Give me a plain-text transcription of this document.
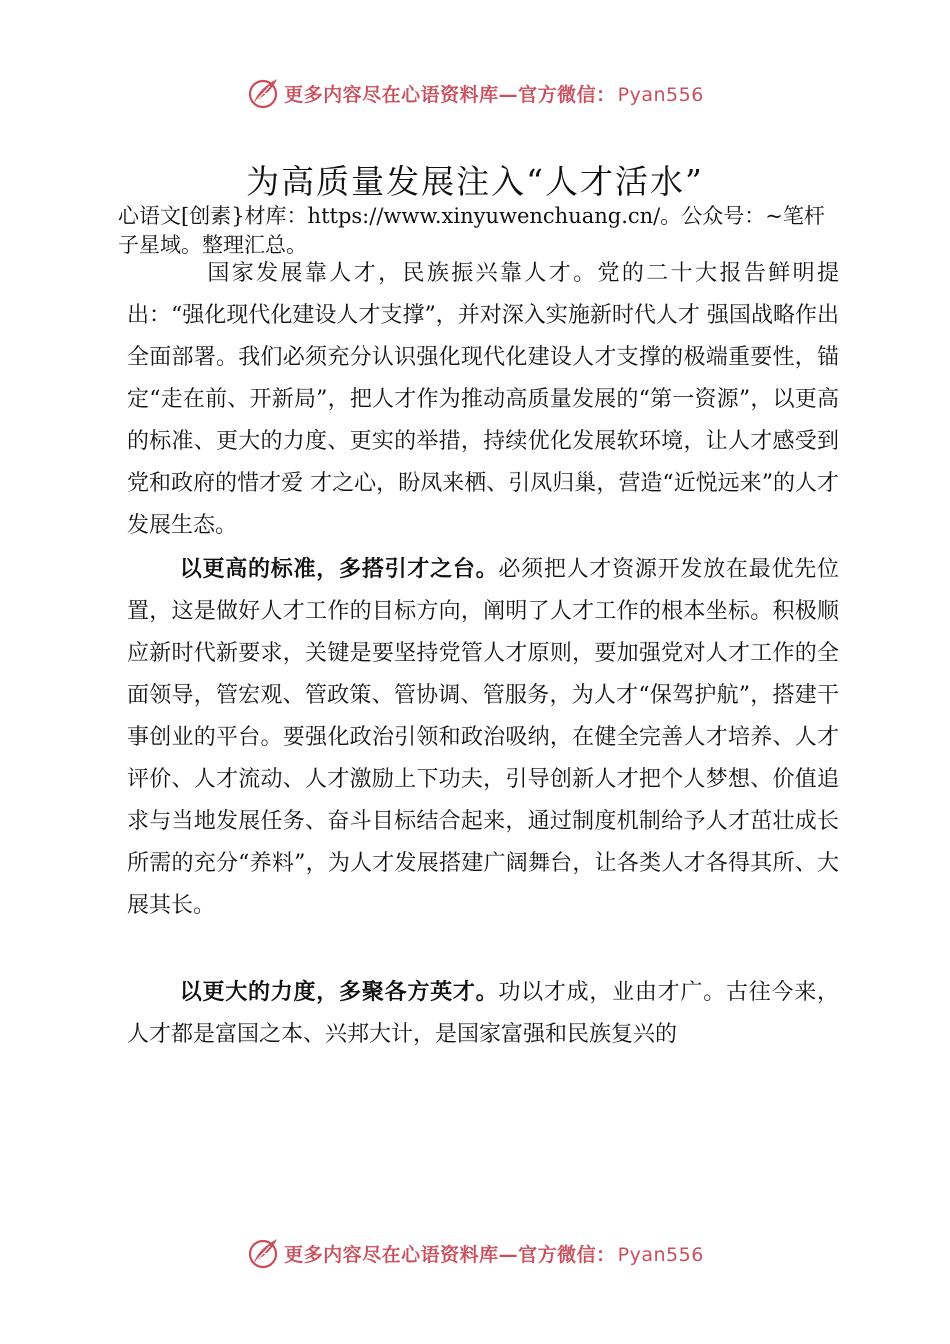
更多内容尽在心语资料库—官方微信： Pyan556
为高质量发展注入“人才活水”

心语文[创素}材库：https://www.xinyuwenchuang.cn/。公众号：~笔杆子星域。整理汇总。

国家发展靠人才，民族振兴靠人才。党的二十大报告鲜明提出：“强化现代化建设人才支撑”，并对深入实施新时代人才 强国战略作出全面部署。我们必须充分认识强化现代化建设人才支撑的极端重要性，锚定“走在前、开新局”，把人才作为推动高质量发展的“第一资源”，以更高的标准、更大的力度、更实的举措，持续优化发展软环境，让人才感受到党和政府的惜才爱 才之心，盼凤来栖、引凤归巢，营造“近悦远来”的人才发展生态。

以更高的标准，多搭引才之台。必须把人才资源开发放在最优先位置，这是做好人才工作的目标方向，阐明了人才工作的根本坐标。积极顺应新时代新要求，关键是要坚持党管人才原则，要加强党对人才工作的全面领导，管宏观、管政策、管协调、管服务，为人才“保驾护航”，搭建干事创业的平台。要强化政治引领和政治吸纳，在健全完善人才培养、人才评价、人才流动、人才激励上下功夫，引导创新人才把个人梦想、价值追求与当地发展任务、奋斗目标结合起来，通过制度机制给予人才茁壮成长所需的充分“养料”，为人才发展搭建广阔舞台，让各类人才各得其所、大展其长。

以更大的力度，多聚各方英才。功以才成，业由才广。古往今来，人才都是富国之本、兴邦大计，是国家富强和民族复兴的

更多内容尽在心语资料库—官方微信： Pyan556
